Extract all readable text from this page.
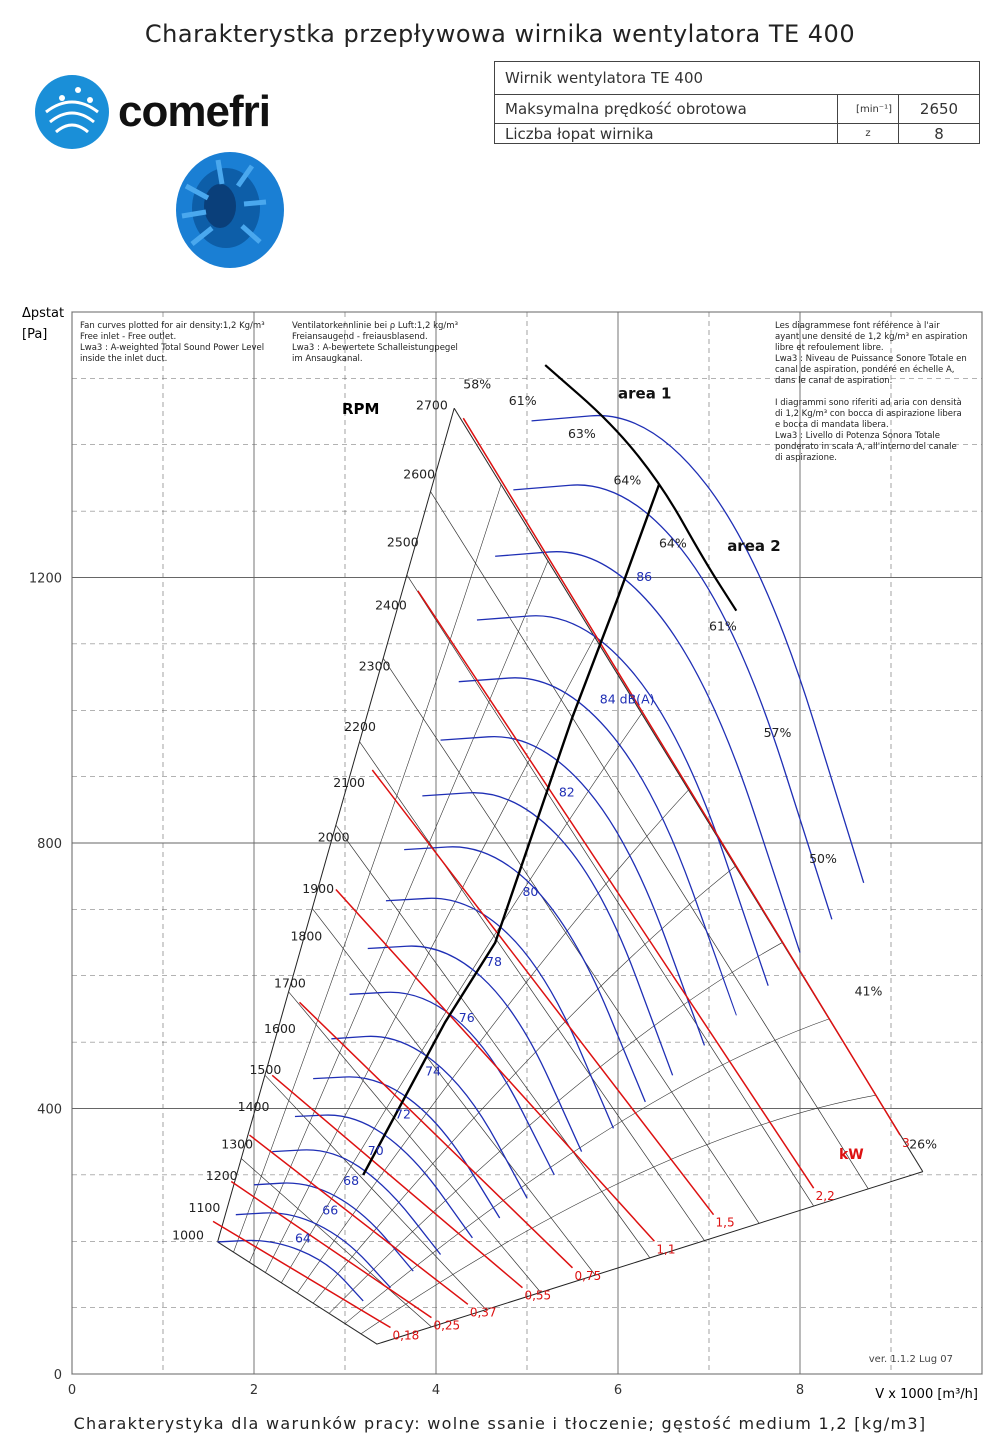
Charakterystka przepływowa wirnika wentylatora TE 400
comefri
Wirnik wentylatora TE 400		
Maksymalna prędkość obrotowa	[min⁻¹]	2650
Liczba łopat wirnika	z	8
0	2	4	6	8
0
400
800
1200
0,18
0,25
0,37
0,55
0,75
1,1
1,5
2,2
3
1000
1100
1200
1300
1400
1500
1600
1700
1800
1900
2000
2100
2200
2300
2400
2500
2600
2700
64
66
68
70
72
74
76
78
80
82
84 dB(A)
86
58%
61%
63%
64%
64%
61%
57%
50%
41%
26%
area 1
area 2
Δpstat
[Pa]
V x 1000 [m³/h]
RPM
kW
Fan curves plotted for air density:1,2 Kg/m³
Free inlet - Free outlet.
Lwa3 : A-weighted Total Sound Power Level
inside the inlet duct.
Ventilatorkennlinie bei ρ Luft:1,2 kg/m³
Freiansaugend - freiausblasend.
Lwa3 : A-bewertete Schalleistungpegel
im Ansaugkanal.
Les diagrammese font référence à l'air
ayant une densité de 1,2 kg/m³ en aspiration
libre et refoulement libre.
Lwa3 : Niveau de Puissance Sonore Totale en
canal de aspiration, pondéré en échelle A,
dans le canal de aspiration.
I diagrammi sono riferiti ad aria con densità
di 1,2 Kg/m³ con bocca di aspirazione libera
e bocca di mandata libera.
Lwa3 : Livello di Potenza Sonora Totale
ponderato in scala A, all'interno del canale
di aspirazione.
ver. 1.1.2 Lug 07
Charakterystyka dla warunków pracy: wolne ssanie i tłoczenie; gęstość medium 1,2 [kg/m3]
